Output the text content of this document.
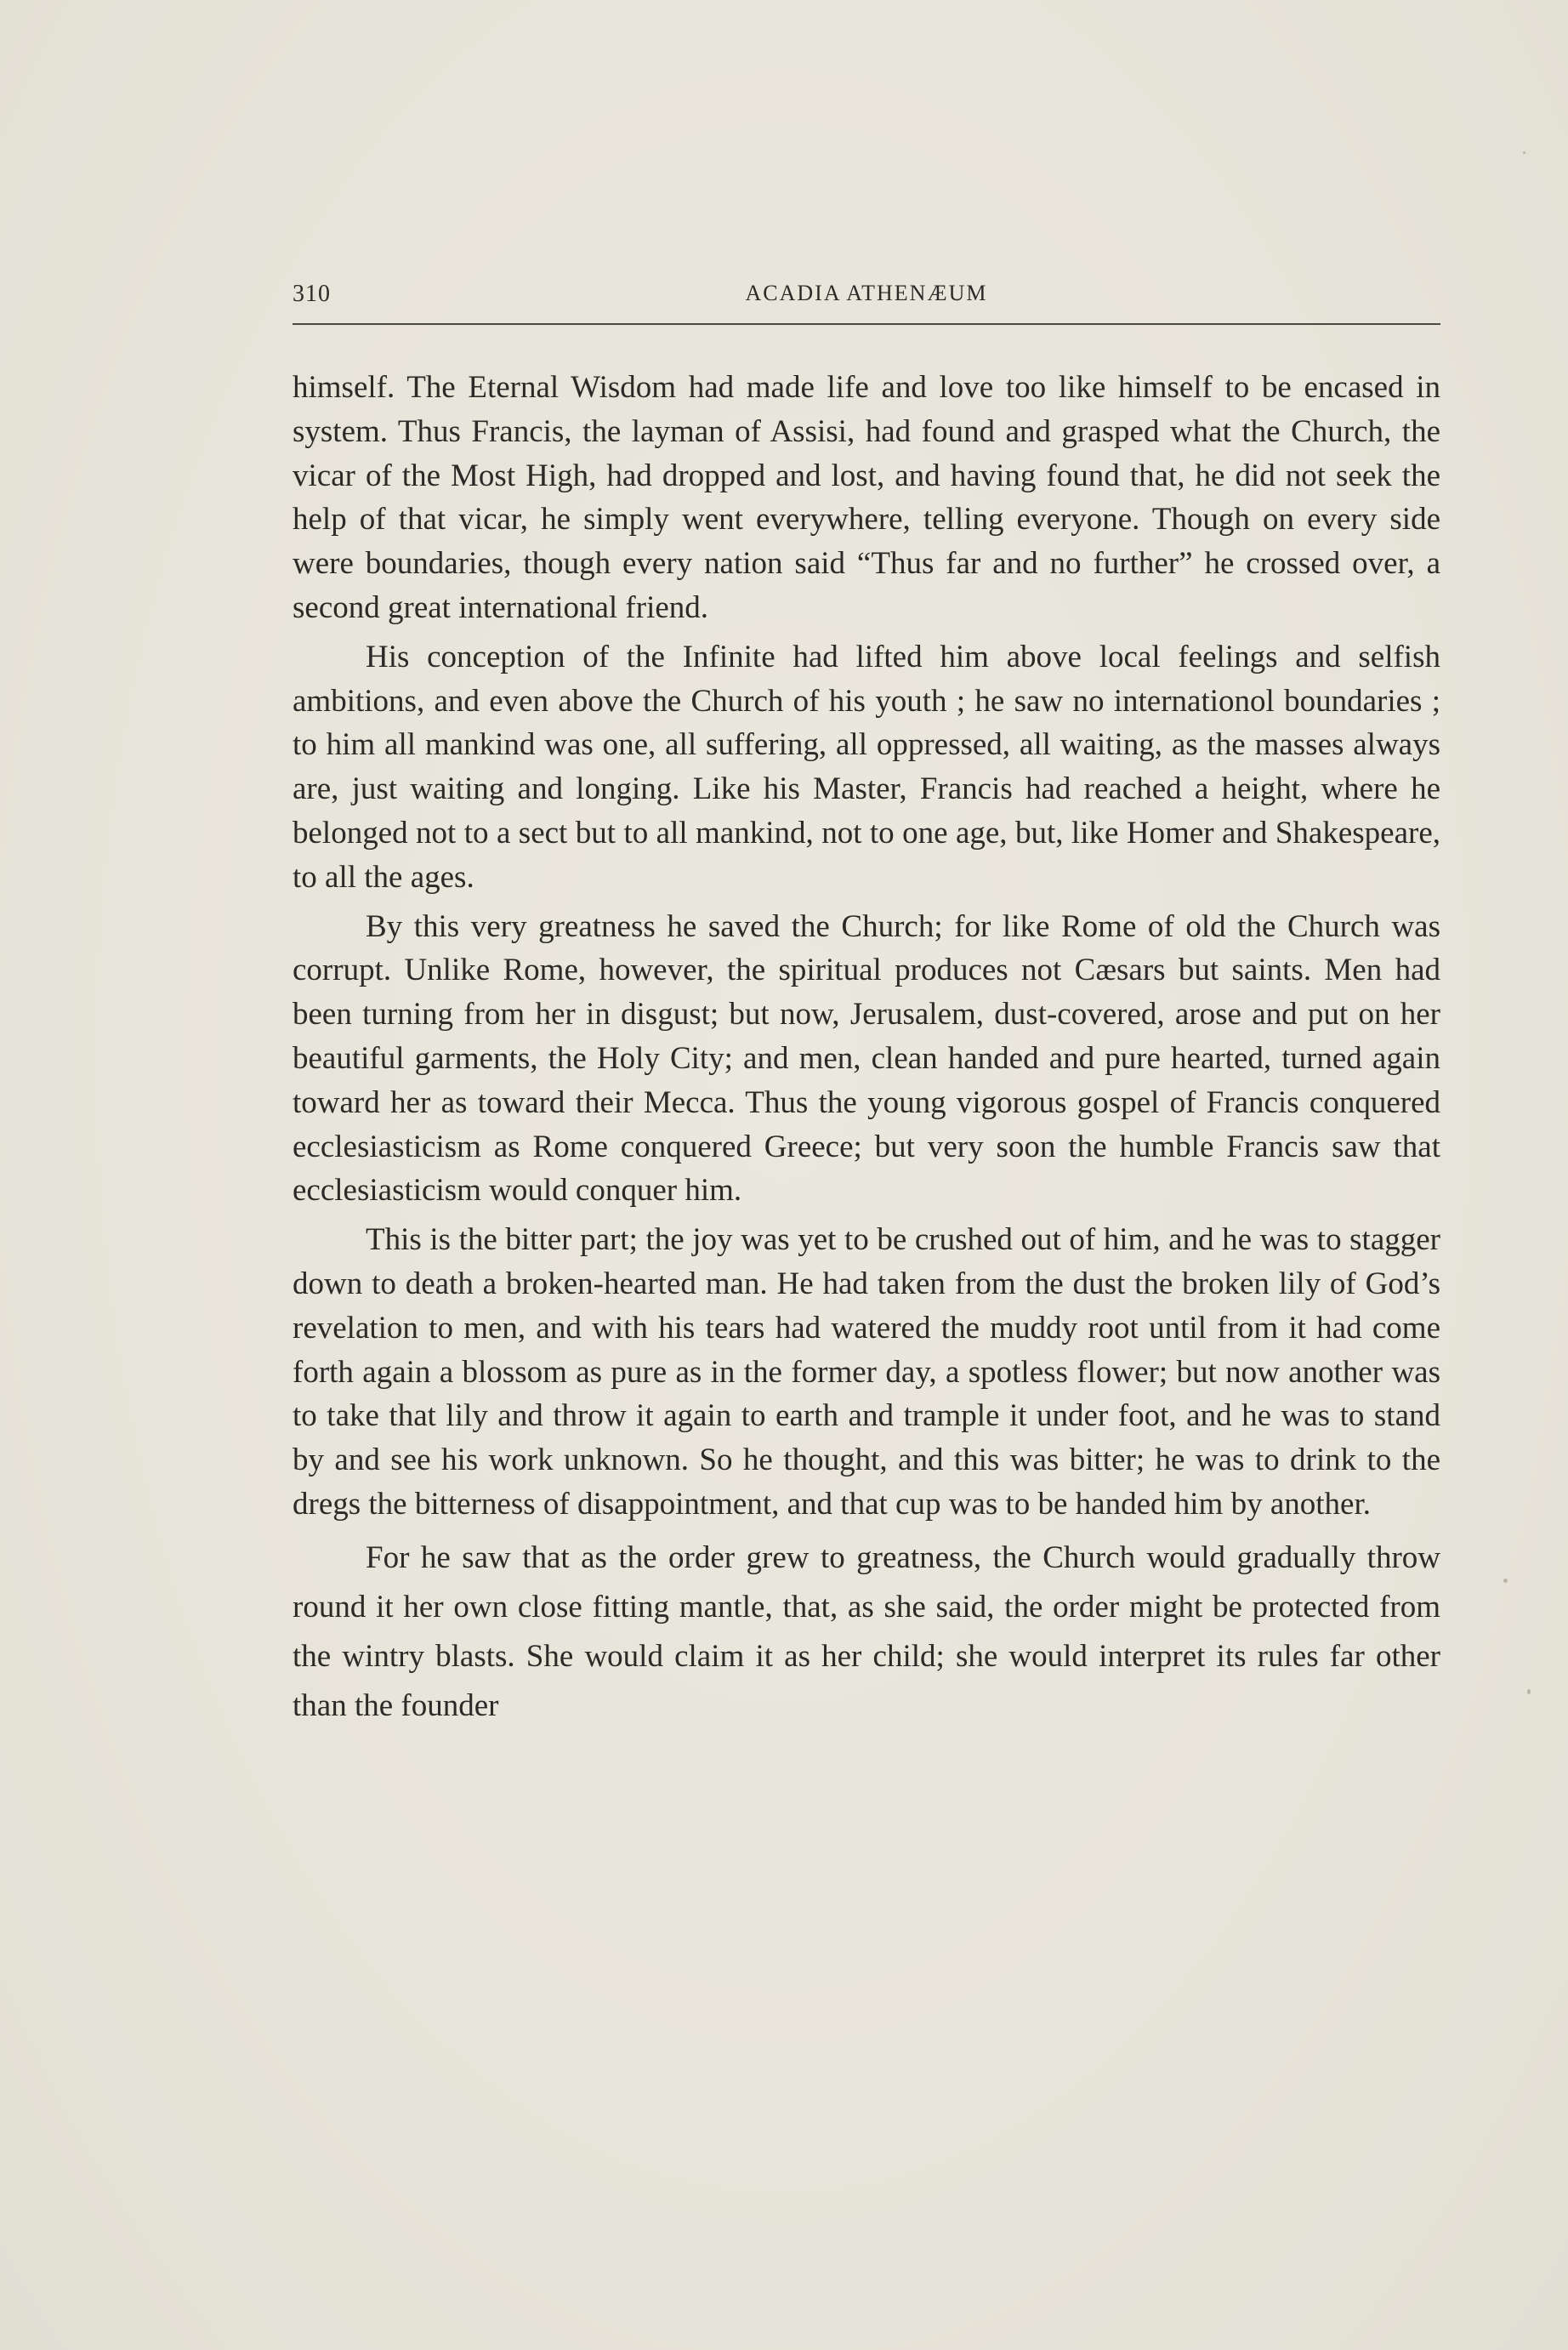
310	ACADIA ATHENÆUM

himself. The Eternal Wisdom had made life and love too like himself to be encased in system. Thus Francis, the layman of Assisi, had found and grasped what the Church, the vicar of the Most High, had dropped and lost, and having found that, he did not seek the help of that vicar, he simply went everywhere, telling everyone. Though on every side were boundaries, though every nation said “Thus far and no further” he crossed over, a second great international friend.

His conception of the Infinite had lifted him above local feelings and selfish ambitions, and even above the Church of his youth ; he saw no internationol boundaries ; to him all mankind was one, all suffering, all oppressed, all waiting, as the masses always are, just waiting and longing. Like his Master, Francis had reached a height, where he belonged not to a sect but to all mankind, not to one age, but, like Homer and Shakespeare, to all the ages.

By this very greatness he saved the Church; for like Rome of old the Church was corrupt. Unlike Rome, however, the spiritual produces not Cæsars but saints. Men had been turning from her in disgust; but now, Jerusalem, dust-covered, arose and put on her beautiful garments, the Holy City; and men, clean handed and pure hearted, turned again toward her as toward their Mecca. Thus the young vigorous gospel of Francis conquered ecclesiasticism as Rome conquered Greece; but very soon the humble Francis saw that ecclesiasticism would conquer him.

This is the bitter part; the joy was yet to be crushed out of him, and he was to stagger down to death a broken-hearted man. He had taken from the dust the broken lily of God’s revelation to men, and with his tears had watered the muddy root until from it had come forth again a blossom as pure as in the former day, a spotless flower; but now another was to take that lily and throw it again to earth and trample it under foot, and he was to stand by and see his work unknown. So he thought, and this was bitter; he was to drink to the dregs the bitterness of disappointment, and that cup was to be handed him by another.

For he saw that as the order grew to greatness, the Church would gradually throw round it her own close fitting mantle, that, as she said, the order might be protected from the wintry blasts. She would claim it as her child; she would interpret its rules far other than the founder
